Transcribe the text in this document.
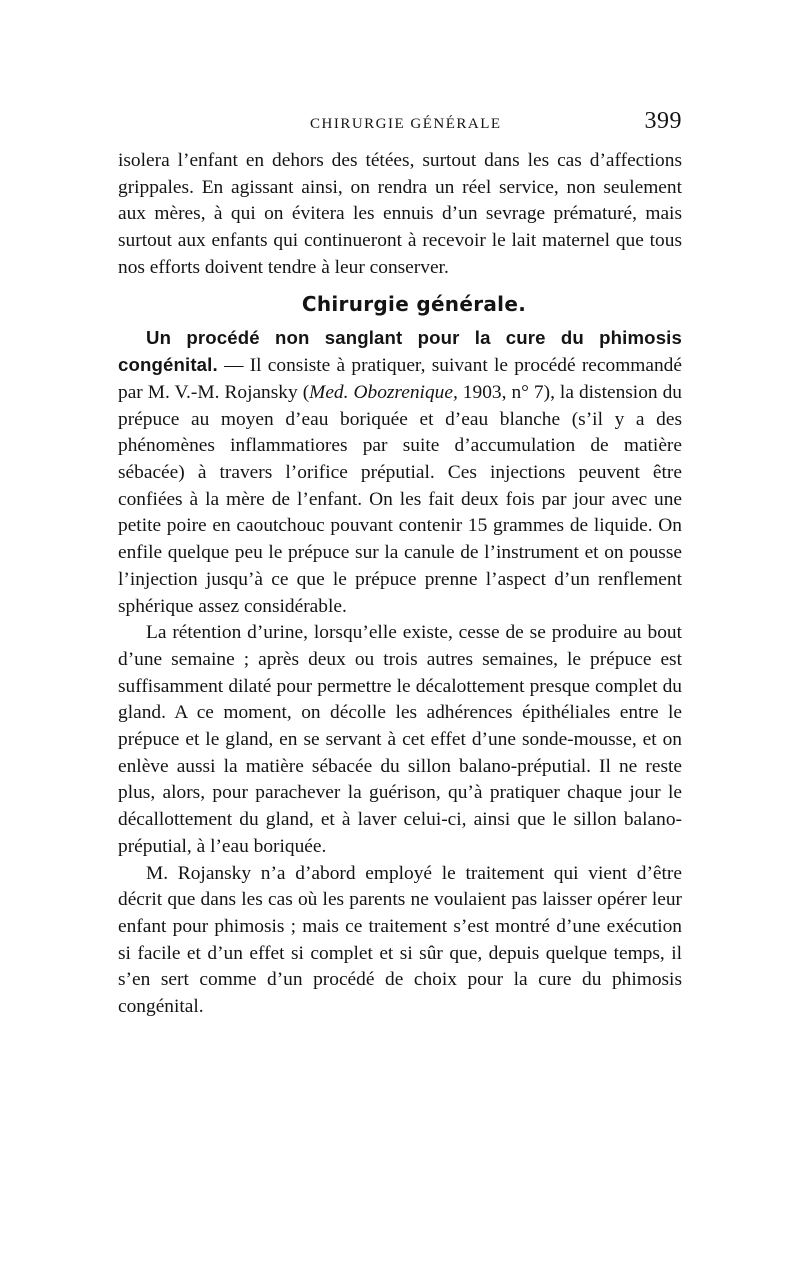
CHIRURGIE GÉNÉRALE	399

isolera l’enfant en dehors des tétées, surtout dans les cas d’affections grippales. En agissant ainsi, on rendra un réel service, non seulement aux mères, à qui on évitera les ennuis d’un sevrage prématuré, mais surtout aux enfants qui continueront à recevoir le lait maternel que tous nos efforts doivent tendre à leur conserver.

Chirurgie générale.

Un procédé non sanglant pour la cure du phimosis congénital. — Il consiste à pratiquer, suivant le procédé recommandé par M. V.-M. Rojansky (Med. Obozrenique, 1903, n° 7), la distension du prépuce au moyen d’eau boriquée et d’eau blanche (s’il y a des phénomènes inflammatiores par suite d’accumulation de matière sébacée) à travers l’orifice préputial. Ces injections peuvent être confiées à la mère de l’enfant. On les fait deux fois par jour avec une petite poire en caoutchouc pouvant contenir 15 grammes de liquide. On enfile quelque peu le prépuce sur la canule de l’instrument et on pousse l’injection jusqu’à ce que le prépuce prenne l’aspect d’un renflement sphérique assez considérable.

La rétention d’urine, lorsqu’elle existe, cesse de se produire au bout d’une semaine ; après deux ou trois autres semaines, le prépuce est suffisamment dilaté pour permettre le décalottement presque complet du gland. A ce moment, on décolle les adhérences épithéliales entre le prépuce et le gland, en se servant à cet effet d’une sonde-mousse, et on enlève aussi la matière sébacée du sillon balano-préputial. Il ne reste plus, alors, pour parachever la guérison, qu’à pratiquer chaque jour le décallottement du gland, et à laver celui-ci, ainsi que le sillon balano-préputial, à l’eau boriquée.

M. Rojansky n’a d’abord employé le traitement qui vient d’être décrit que dans les cas où les parents ne voulaient pas laisser opérer leur enfant pour phimosis ; mais ce traitement s’est montré d’une exécution si facile et d’un effet si complet et si sûr que, depuis quelque temps, il s’en sert comme d’un procédé de choix pour la cure du phimosis congénital.
